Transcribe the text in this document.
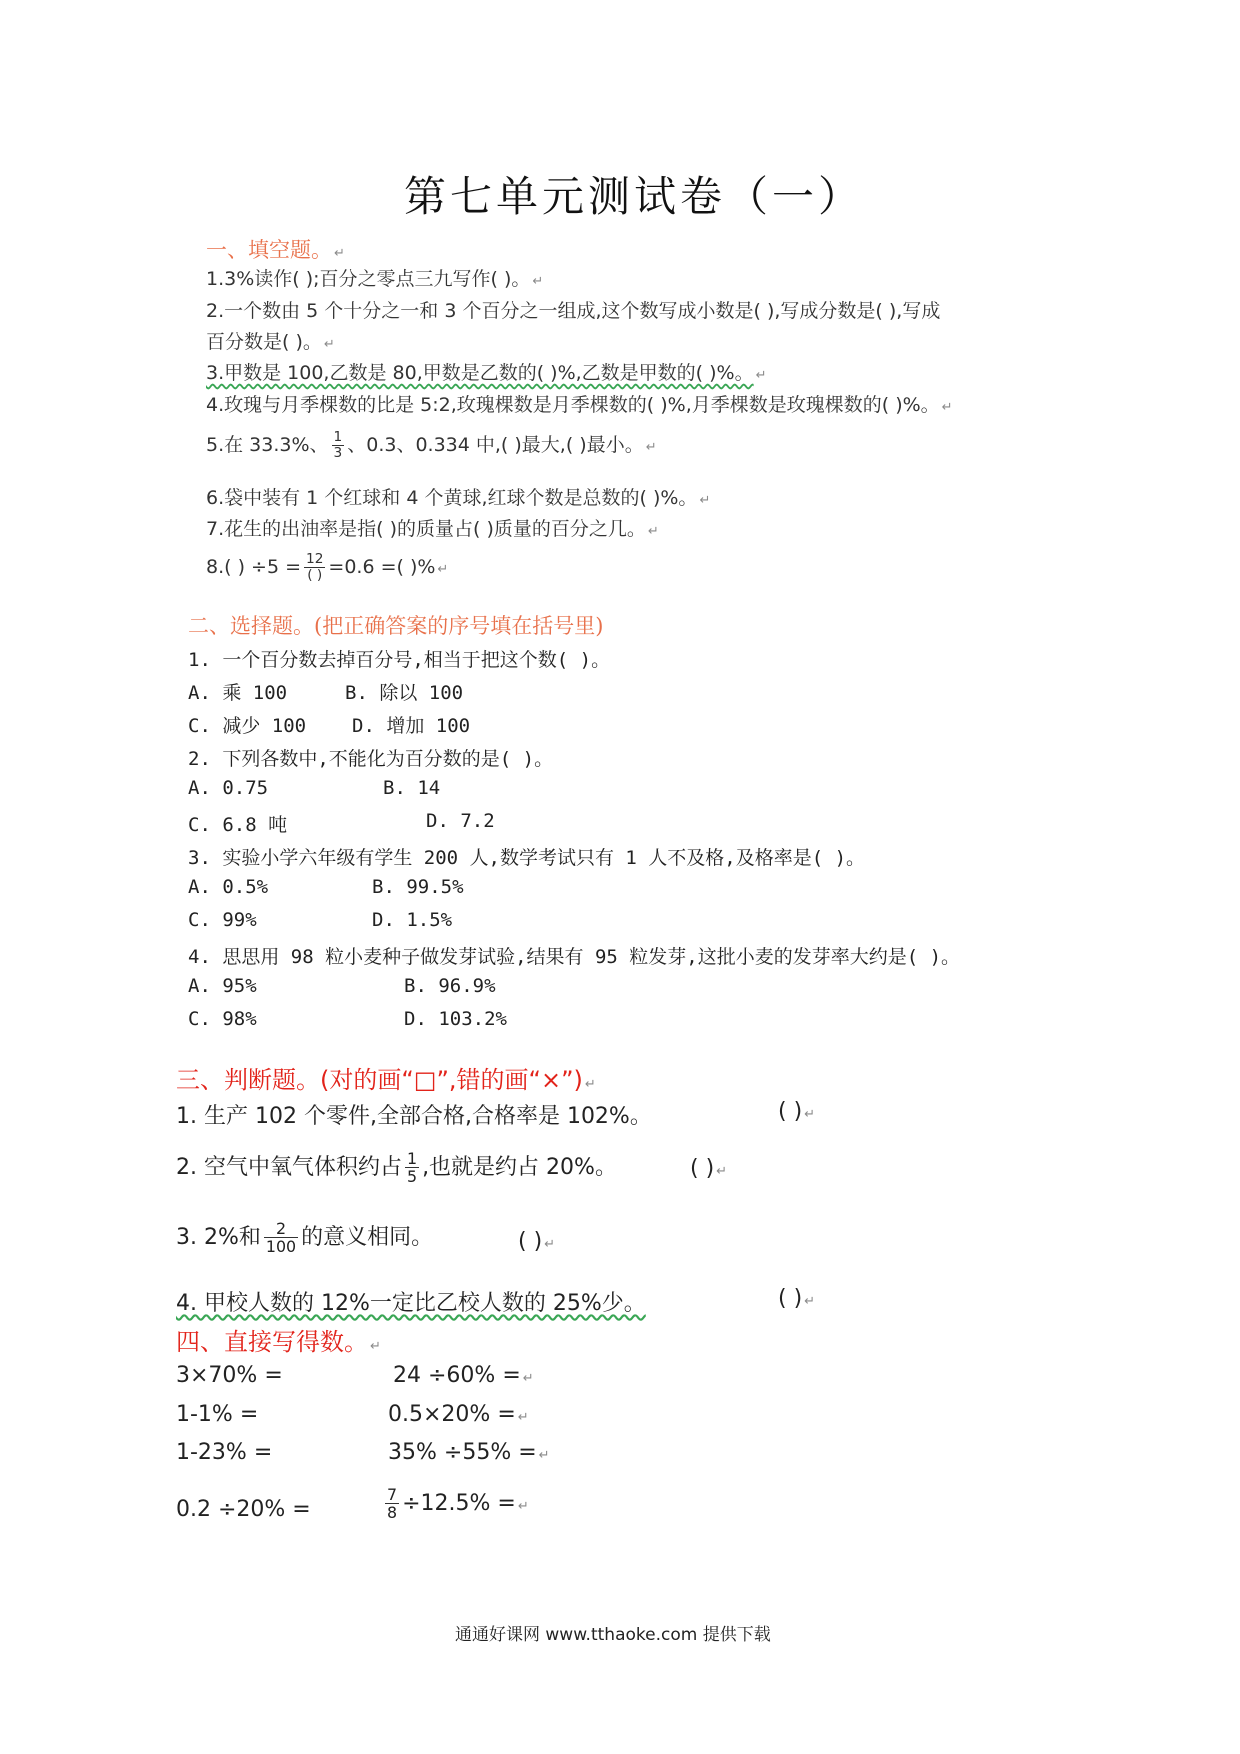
第七单元测试卷（一）
一、填空题。 ↵
1.3%读作( );百分之零点三九写作( )。 ↵
2.一个数由 5 个十分之一和 3 个百分之一组成,这个数写成小数是( ),写成分数是( ),写成
百分数是( )。 ↵
3.甲数是 100,乙数是 80,甲数是乙数的( )%,乙数是甲数的( )%。 ↵
4.玫瑰与月季棵数的比是 5:2,玫瑰棵数是月季棵数的( )%,月季棵数是玫瑰棵数的( )%。 ↵
5.在 33.3%、 $\frac{1}{3}$ 、0.3、0.334 中,( )最大,( )最小。 ↵
6.袋中装有 1 个红球和 4 个黄球,红球个数是总数的( )%。 ↵
7.花生的出油率是指( )的质量占( )质量的百分之几。 ↵
8.( ) $\div 5 = \frac{12}{( )} =0.6$ =( )% ↵
二、选择题。(把正确答案的序号填在括号里)
1. 一个百分数去掉百分号,相当于把这个数( )。
A. 乘 100	B. 除以 100
C. 减少 100 D. 增加 100
2. 下列各数中,不能化为百分数的是( )。
A. 0.75	B. 14
C. 6.8 吨	D. 7.2
3. 实验小学六年级有学生 200 人,数学考试只有 1 人不及格,及格率是( )。
A. 0.5%	B. 99.5%
C. 99%	D. 1.5%
4. 思思用 98 粒小麦种子做发芽试验,结果有 95 粒发芽,这批小麦的发芽率大约是( )。
A. 95%	B. 96.9%
C. 98%	D. 103.2%
三、判断题。(对的画“□”,错的画“×”) ↵
1. 生产 102 个零件,全部合格,合格率是 102%。	( ) ↵
2. 空气中氧气体积约占 $\frac{1}{5}$ ,也就是约占 20%。	( ) ↵
3. 2%和 $\frac{2}{100}$ 的意义相同。	( ) ↵
4. 甲校人数的 12%一定比乙校人数的 25%少。	( ) ↵
四、直接写得数。 ↵
3×70% =	24 ÷60% = ↵
1-1% =	0.5×20% = ↵
1-23% =	35% ÷55% = ↵
0.2 ÷20% =	$\frac{7}{8} \div 12.5\%$ = ↵
通通好课网 www.tthaoke.com 提供下载
